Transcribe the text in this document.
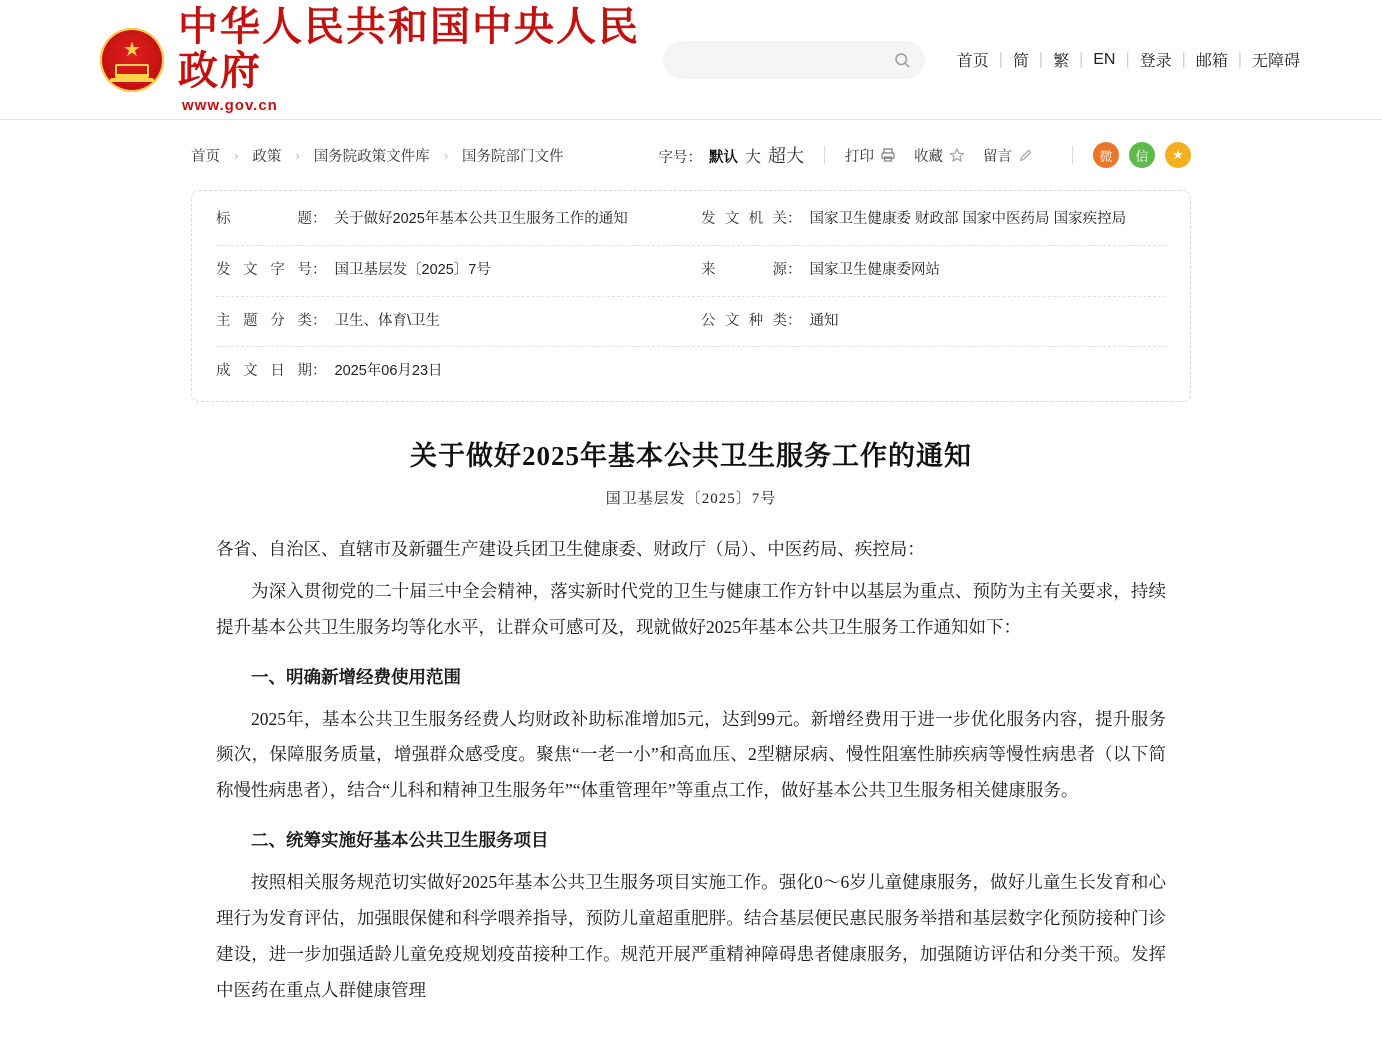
★
中华人民共和国中央人民政府
www.gov.cn
首页 | 简 | 繁 | EN | 登录 | 邮箱 | 无障碍
首页 › 政策 › 国务院政策文件库 › 国务院部门文件	字号： 默认 大 超大	打印	收藏	留言	微	信	★
标题 ： 关于做好2025年基本公共卫生服务工作的通知	发文机关 ： 国家卫生健康委 财政部 国家中医药局 国家疾控局
发文字号 ： 国卫基层发〔2025〕7号	来源 ： 国家卫生健康委网站
主题分类 ： 卫生、体育\卫生	公文种类 ： 通知
成文日期 ： 2025年06月23日
关于做好2025年基本公共卫生服务工作的通知
国卫基层发〔2025〕7号

各省、自治区、直辖市及新疆生产建设兵团卫生健康委、财政厅（局）、中医药局、疾控局：

为深入贯彻党的二十届三中全会精神，落实新时代党的卫生与健康工作方针中以基层为重点、预防为主有关要求，持续提升基本公共卫生服务均等化水平，让群众可感可及，现就做好2025年基本公共卫生服务工作通知如下：

一、明确新增经费使用范围

2025年，基本公共卫生服务经费人均财政补助标准增加5元，达到99元。新增经费用于进一步优化服务内容，提升服务频次，保障服务质量，增强群众感受度。聚焦“一老一小”和高血压、2型糖尿病、慢性阻塞性肺疾病等慢性病患者（以下简称慢性病患者），结合“儿科和精神卫生服务年”“体重管理年”等重点工作，做好基本公共卫生服务相关健康服务。

二、统筹实施好基本公共卫生服务项目

按照相关服务规范切实做好2025年基本公共卫生服务项目实施工作。强化0～6岁儿童健康服务，做好儿童生长发育和心理行为发育评估，加强眼保健和科学喂养指导，预防儿童超重肥胖。结合基层便民惠民服务举措和基层数字化预防接种门诊建设，进一步加强适龄儿童免疫规划疫苗接种工作。规范开展严重精神障碍患者健康服务，加强随访评估和分类干预。发挥中医药在重点人群健康管理
